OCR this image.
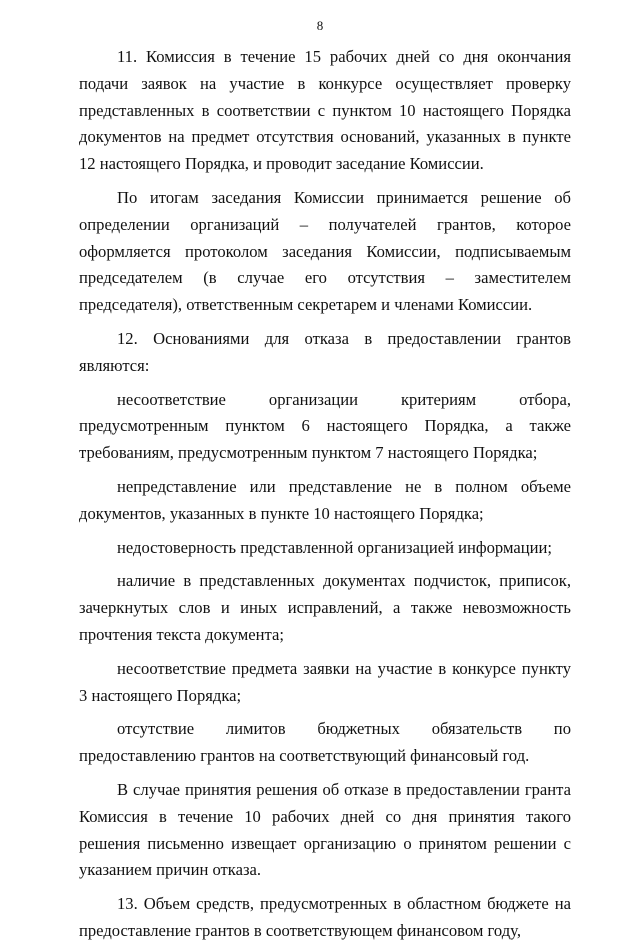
8

11. Комиссия в течение 15 рабочих дней со дня окончания подачи заявок на участие в конкурсе осуществляет проверку представленных в соответствии с пунктом 10 настоящего Порядка документов на предмет отсутствия оснований, указанных в пункте 12 настоящего Порядка, и проводит заседание Комиссии.

По итогам заседания Комиссии принимается решение об определении организаций – получателей грантов, которое оформляется протоколом заседания Комиссии, подписываемым председателем (в случае его отсутствия – заместителем председателя), ответственным секретарем и членами Комиссии.

12. Основаниями для отказа в предоставлении грантов являются:

несоответствие организации критериям отбора, предусмотренным пунктом 6 настоящего Порядка, а также требованиям, предусмотренным пунктом 7 настоящего Порядка;

непредставление или представление не в полном объеме документов, указанных в пункте 10 настоящего Порядка;

недостоверность представленной организацией информации;

наличие в представленных документах подчисток, приписок, зачеркнутых слов и иных исправлений, а также невозможность прочтения текста документа;

несоответствие предмета заявки на участие в конкурсе пункту 3 настоящего Порядка;

отсутствие лимитов бюджетных обязательств по предоставлению грантов на соответствующий финансовый год.

В случае принятия решения об отказе в предоставлении гранта Комиссия в течение 10 рабочих дней со дня принятия такого решения письменно извещает организацию о принятом решении с указанием причин отказа.

13. Объем средств, предусмотренных в областном бюджете на предоставление грантов в соответствующем финансовом году,
